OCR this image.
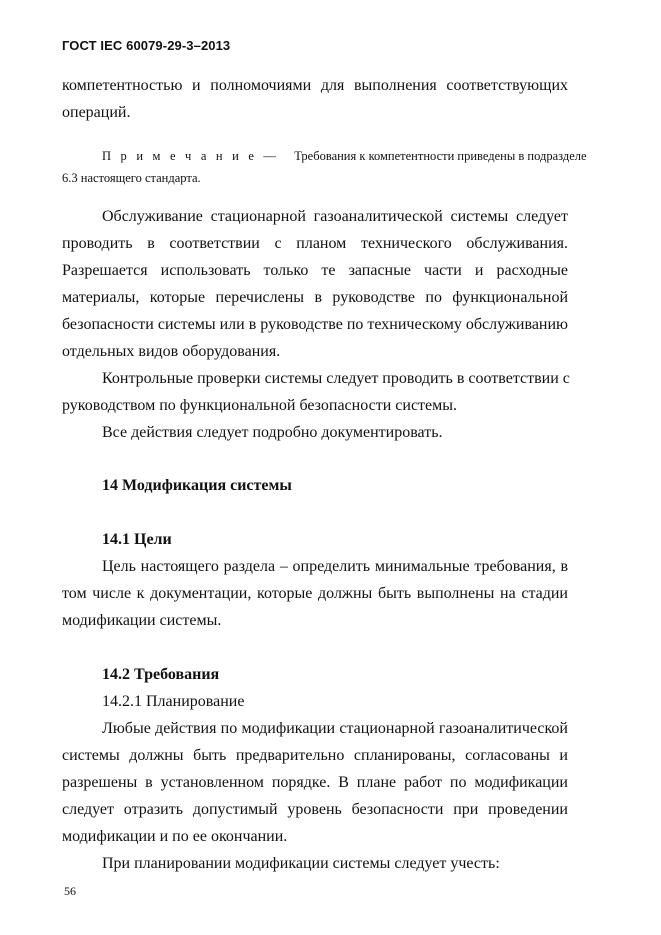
ГОСТ IEC 60079-29-3–2013
компетентностью и полномочиями для выполнения соответствующих
операций.
П р и м е ч а н и е — Требования к компетентности приведены в подразделе
6.3 настоящего стандарта.
Обслуживание стационарной газоаналитической системы следует
проводить в соответствии с планом технического обслуживания.
Разрешается использовать только те запасные части и расходные
материалы, которые перечислены в руководстве по функциональной
безопасности системы или в руководстве по техническому обслуживанию
отдельных видов оборудования.
Контрольные проверки системы следует проводить в соответствии с
руководством по функциональной безопасности системы.
Все действия следует подробно документировать.
14 Модификация системы
14.1 Цели
Цель настоящего раздела – определить минимальные требования, в
том числе к документации, которые должны быть выполнены на стадии
модификации системы.
14.2 Требования
14.2.1 Планирование
Любые действия по модификации стационарной газоаналитической
системы должны быть предварительно спланированы, согласованы и
разрешены в установленном порядке. В плане работ по модификации
следует отразить допустимый уровень безопасности при проведении
модификации и по ее окончании.
При планировании модификации системы следует учесть:
56
